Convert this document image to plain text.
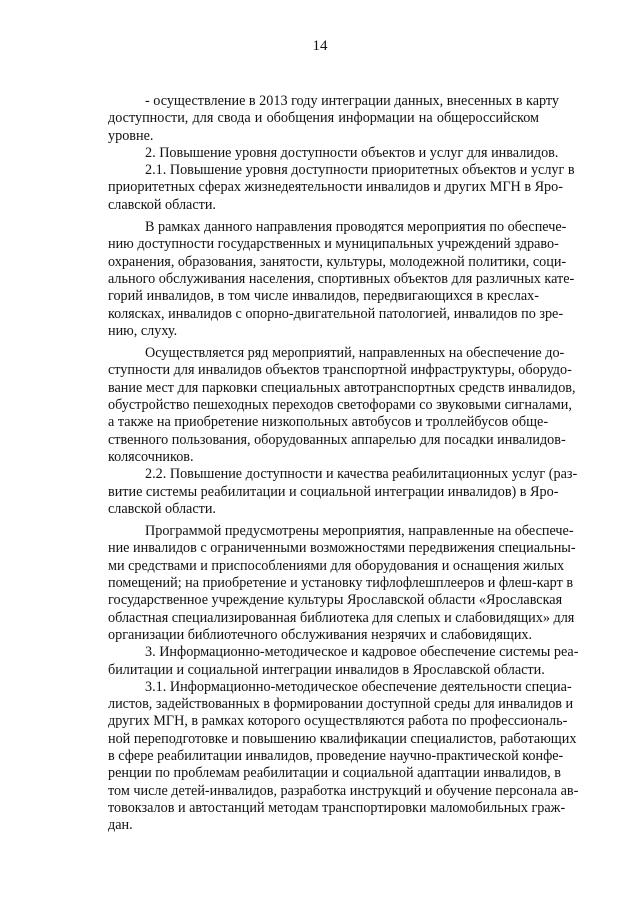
14
- осуществление в 2013 году интеграции данных, внесенных в карту
доступности, для свода и обобщения информации на общероссийском
уровне.
2. Повышение уровня доступности объектов и услуг для инвалидов.
2.1. Повышение уровня доступности приоритетных объектов и услуг в
приоритетных сферах жизнедеятельности инвалидов и других МГН в Яро-
славской области.
В рамках данного направления проводятся мероприятия по обеспече-
нию доступности государственных и муниципальных учреждений здраво-
охранения, образования, занятости, культуры, молодежной политики, соци-
ального обслуживания населения, спортивных объектов для различных кате-
горий инвалидов, в том числе инвалидов, передвигающихся в креслах-
колясках, инвалидов с опорно-двигательной патологией, инвалидов по зре-
нию, слуху.
Осуществляется ряд мероприятий, направленных на обеспечение до-
ступности для инвалидов объектов транспортной инфраструктуры, оборудо-
вание мест для парковки специальных автотранспортных средств инвалидов,
обустройство пешеходных переходов светофорами со звуковыми сигналами,
а также на приобретение низкопольных автобусов и троллейбусов обще-
ственного пользования, оборудованных аппарелью для посадки инвалидов-
колясочников.
2.2. Повышение доступности и качества реабилитационных услуг (раз-
витие системы реабилитации и социальной интеграции инвалидов) в Яро-
славской области.
Программой предусмотрены мероприятия, направленные на обеспече-
ние инвалидов с ограниченными возможностями передвижения специальны-
ми средствами и приспособлениями для оборудования и оснащения жилых
помещений; на приобретение и установку тифлофлешплееров и флеш-карт в
государственное учреждение культуры Ярославской области «Ярославская
областная специализированная библиотека для слепых и слабовидящих» для
организации библиотечного обслуживания незрячих и слабовидящих.
3. Информационно-методическое и кадровое обеспечение системы реа-
билитации и социальной интеграции инвалидов в Ярославской области.
3.1. Информационно-методическое обеспечение деятельности специа-
листов, задействованных в формировании доступной среды для инвалидов и
других МГН, в рамках которого осуществляются работа по профессиональ-
ной переподготовке и повышению квалификации специалистов, работающих
в сфере реабилитации инвалидов, проведение научно-практической конфе-
ренции по проблемам реабилитации и социальной адаптации инвалидов, в
том числе детей-инвалидов, разработка инструкций и обучение персонала ав-
товокзалов и автостанций методам транспортировки маломобильных граж-
дан.
